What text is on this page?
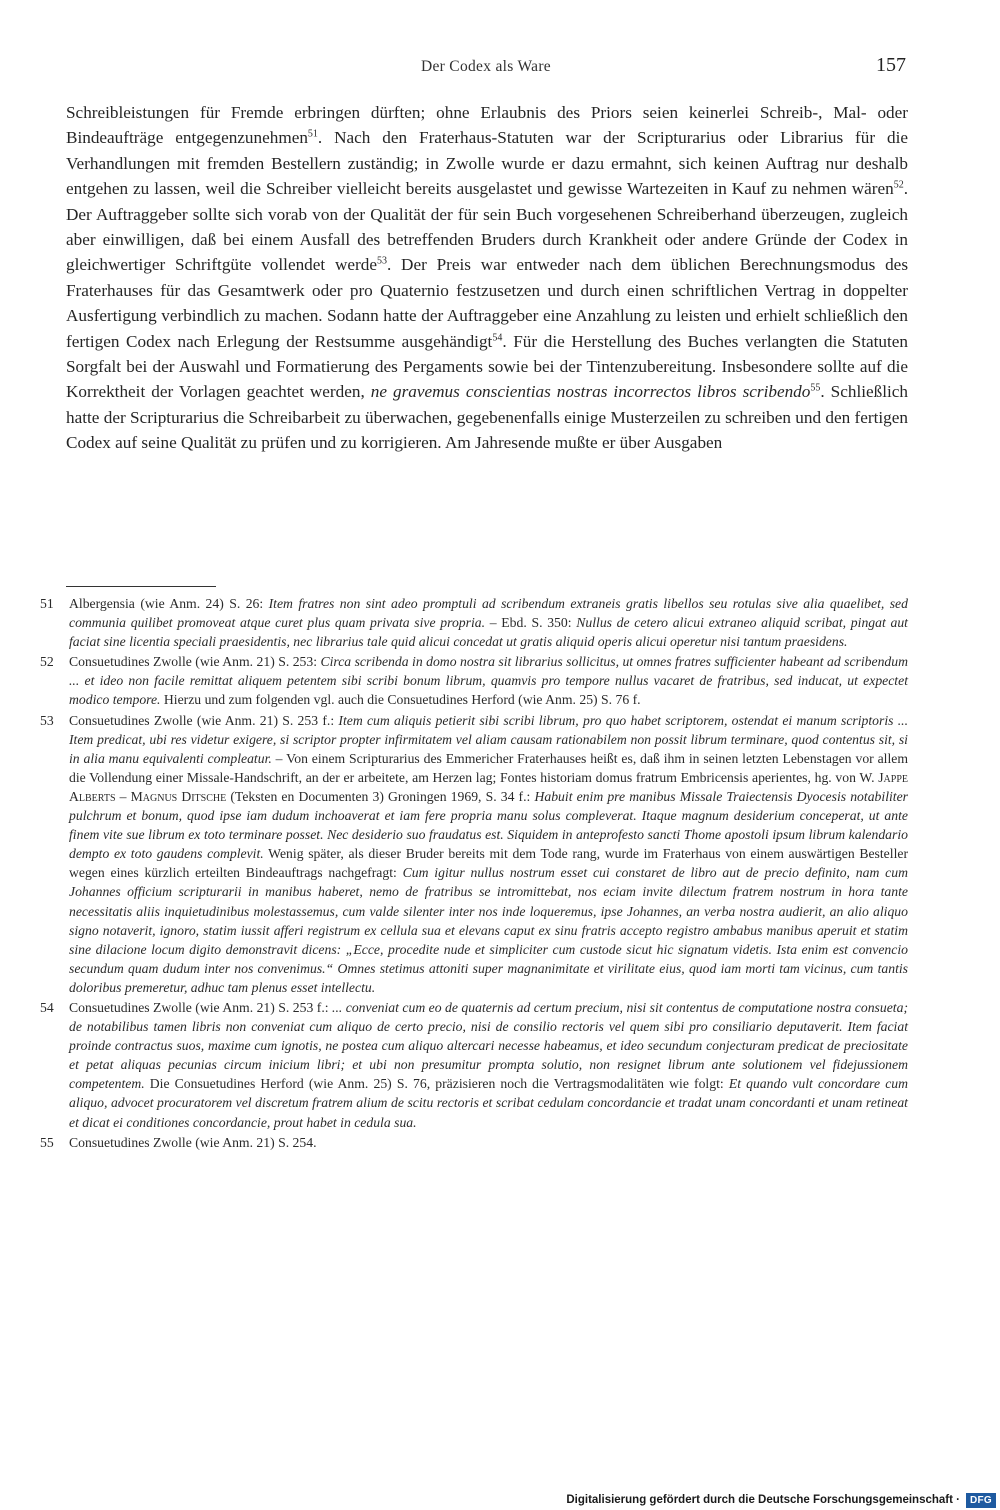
Der Codex als Ware	157
Schreibleistungen für Fremde erbringen dürften; ohne Erlaubnis des Priors seien keinerlei Schreib-, Mal- oder Bindeaufträge entgegenzunehmen$^{51}$. Nach den Fraterhaus-Statuten war der Scripturarius oder Librarius für die Verhandlungen mit fremden Bestellern zuständig; in Zwolle wurde er dazu ermahnt, sich keinen Auftrag nur deshalb entgehen zu lassen, weil die Schreiber vielleicht bereits ausgelastet und gewisse Wartezeiten in Kauf zu nehmen wären$^{52}$. Der Auftraggeber sollte sich vorab von der Qualität der für sein Buch vorgesehenen Schreiberhand überzeugen, zugleich aber einwilligen, daß bei einem Ausfall des betreffenden Bruders durch Krankheit oder andere Gründe der Codex in gleichwertiger Schriftgüte vollendet werde$^{53}$. Der Preis war entweder nach dem üblichen Berechnungsmodus des Fraterhauses für das Gesamtwerk oder pro Quaternio festzusetzen und durch einen schriftlichen Vertrag in doppelter Ausfertigung verbindlich zu machen. Sodann hatte der Auftraggeber eine Anzahlung zu leisten und erhielt schließlich den fertigen Codex nach Erlegung der Restsumme ausgehändigt$^{54}$. Für die Herstellung des Buches verlangten die Statuten Sorgfalt bei der Auswahl und Formatierung des Pergaments sowie bei der Tintenzubereitung. Insbesondere sollte auf die Korrektheit der Vorlagen geachtet werden, ne gravemus conscientias nostras incorrectos libros scribendo$^{55}$. Schließlich hatte der Scripturarius die Schreibarbeit zu überwachen, gegebenenfalls einige Musterzeilen zu schreiben und den fertigen Codex auf seine Qualität zu prüfen und zu korrigieren. Am Jahresende mußte er über Ausgaben
51	Albergensia (wie Anm. 24) S. 26: Item fratres non sint adeo promptuli ad scribendum extraneis gratis libellos seu rotulas sive alia quaelibet, sed communia quilibet promoveat atque curet plus quam privata sive propria. – Ebd. S. 350: Nullus de cetero alicui extraneo aliquid scribat, pingat aut faciat sine licentia speciali praesidentis, nec librarius tale quid alicui concedat ut gratis aliquid operis alicui operetur nisi tantum praesidens.
52	Consuetudines Zwolle (wie Anm. 21) S. 253: Circa scribenda in domo nostra sit librarius sollicitus, ut omnes fratres sufficienter habeant ad scribendum ... et ideo non facile remittat aliquem petentem sibi scribi bonum librum, quamvis pro tempore nullus vacaret de fratribus, sed inducat, ut expectet modico tempore. Hierzu und zum folgenden vgl. auch die Consuetudines Herford (wie Anm. 25) S. 76 f.
53	Consuetudines Zwolle (wie Anm. 21) S. 253 f.: Item cum aliquis petierit sibi scribi librum, pro quo habet scriptorem, ostendat ei manum scriptoris ... Item predicat, ubi res videtur exigere, si scriptor propter infirmitatem vel aliam causam rationabilem non possit librum terminare, quod contentus sit, si in alia manu equivalenti compleatur. – Von einem Scripturarius des Emmericher Fraterhauses heißt es, daß ihm in seinen letzten Lebenstagen vor allem die Vollendung einer Missale-Handschrift, an der er arbeitete, am Herzen lag; Fontes historiam domus fratrum Embricensis aperientes, hg. von W. Jappe Alberts – Magnus Ditsche (Teksten en Documenten 3) Groningen 1969, S. 34 f.: Habuit enim pre manibus Missale Traiectensis Dyocesis notabiliter pulchrum et bonum, quod ipse iam dudum inchoaverat et iam fere propria manu solus compleverat. Itaque magnum desiderium conceperat, ut ante finem vite sue librum ex toto terminare posset. Nec desiderio suo fraudatus est. Siquidem in anteprofesto sancti Thome apostoli ipsum librum kalendario dempto ex toto gaudens complevit. Wenig später, als dieser Bruder bereits mit dem Tode rang, wurde im Fraterhaus von einem auswärtigen Besteller wegen eines kürzlich erteilten Bindeauftrags nachgefragt: Cum igitur nullus nostrum esset cui constaret de libro aut de precio definito, nam cum Johannes officium scripturarii in manibus haberet, nemo de fratribus se intromittebat, nos eciam invite dilectum fratrem nostrum in hora tante necessitatis aliis inquietudinibus molestassemus, cum valde silenter inter nos inde loqueremus, ipse Johannes, an verba nostra audierit, an alio aliquo signo notaverit, ignoro, statim iussit afferi registrum ex cellula sua et elevans caput ex sinu fratris accepto registro ambabus manibus aperuit et statim sine dilacione locum digito demonstravit dicens: „Ecce, procedite nude et simpliciter cum custode sicut hic signatum videtis. Ista enim est convencio secundum quam dudum inter nos convenimus.“ Omnes stetimus attoniti super magnanimitate et virilitate eius, quod iam morti tam vicinus, cum tantis doloribus premeretur, adhuc tam plenus esset intellectu.
54	Consuetudines Zwolle (wie Anm. 21) S. 253 f.: ... conveniat cum eo de quaternis ad certum precium, nisi sit contentus de computatione nostra consueta; de notabilibus tamen libris non conveniat cum aliquo de certo precio, nisi de consilio rectoris vel quem sibi pro consiliario deputaverit. Item faciat proinde contractus suos, maxime cum ignotis, ne postea cum aliquo altercari necesse habeamus, et ideo secundum conjecturam predicat de preciositate et petat aliquas pecunias circum inicium libri; et ubi non presumitur prompta solutio, non resignet librum ante solutionem vel fidejussionem competentem. Die Consuetudines Herford (wie Anm. 25) S. 76, präzisieren noch die Vertragsmodalitäten wie folgt: Et quando vult concordare cum aliquo, advocet procuratorem vel discretum fratrem alium de scitu rectoris et scribat cedulam concordancie et tradat unam concordanti et unam retineat et dicat ei conditiones concordancie, prout habet in cedula sua.
55	Consuetudines Zwolle (wie Anm. 21) S. 254.
Digitalisierung gefördert durch die Deutsche Forschungsgemeinschaft ·	DFG
